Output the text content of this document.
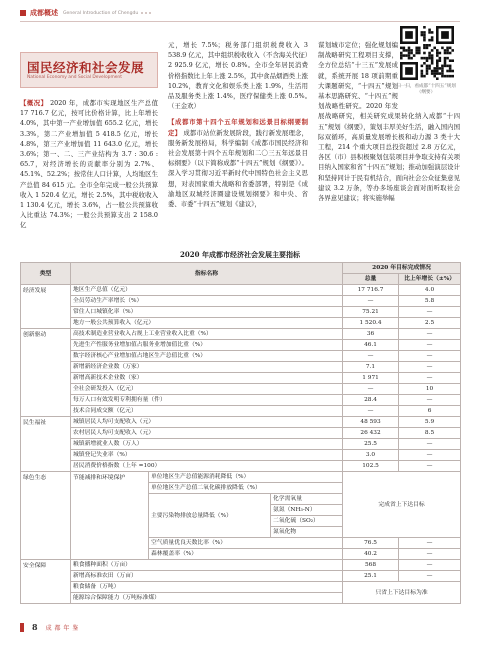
成都概述 General Introduction of Chengdu
国民经济和社会发展
National Economy and Social Development

【概况】 2020 年，成都市实现地区生产总值 17 716.7 亿元，按可比价格计算，比上年增长 4.0%，其中第一产业增加值 655.2 亿元，增长 3.3%，第二产业增加值 5 418.5 亿元，增长 4.8%，第三产业增加值 11 643.0 亿元，增长 3.6%；第一、二、三产业结构为 3.7 : 30.6 : 65.7，对经济增长的贡献率分别为 2.7%、45.1%、52.2%；按常住人口计算，人均地区生产总值 84 615 元。全市全年完成一般公共预算收入 1 520.4 亿元，增长 2.5%，其中税收收入 1 130.4 亿元，增长 3.6%，占一般公共预算收入比重达 74.3%；一般公共预算支出 2 158.0 亿

元，增长 7.5%；税务部门组织税费收入 3 538.9 亿元，其中组织税收收入（不含海关代征）2 925.9 亿元，增长 0.8%。全市全年居民消费价格指数比上年上涨 2.5%，其中食品烟酒类上涨 10.2%，教育文化和娱乐类上涨 1.9%，生活用品及服务类上涨 1.4%，医疗保健类上涨 0.5%。　（王金欢）

【成都市第十四个五年规划和远景目标纲要制定】 成都市站位新发展阶段，践行新发展理念，服务新发展格局，科学编制《成都市国民经济和社会发展第十四个五年规划和二〇三五年远景目标纲要》（以下简称成都“十四五”规划《纲要》）。深入学习贯彻习近平新时代中国特色社会主义思想，对表国家重大战略和省委部署，特别是《成渝地区双城经济圈建设规划纲要》和中央、省委、市委“十四五”规划《建议》，

谋划城市定位；强化规划编制战略研究工程项目支撑，全方位总结“十三五”发展成就，系统开展 18 项前期重大课题研究，“十四五”规划基本思路研究、“十四五”规划战略性研究。2020 年发展战略研究，相关研究成果转化纳入成都“十四五”规划《纲要》，策划丰厚美好生活，融入国内国际双循环，高质量发展增长极和动力源 3 类十大工程，214 个重大项目总投资超过 2.8 万亿元，各区（市）县积极聚划包装项目并争取支持有关项目纳入国家和省“十四五”规划；推动加强演层设计和坚持同计于民有机结合，面向社会公众征集意见建议 3.2 万条，等办多场座谈会面对面听取社会各界意见建议；将实施举幅

扫一扫，看成都“十四五”规划（纲要）
2020 年成都市经济社会发展主要指标
类型	指标名称			2020 年目标完成情况	
				总量	比上年增长（±%）
经济发展	地区生产总值（亿元）			17 716.7	4.0
	全员劳动生产率增长（%）			—	5.8
	常住人口城镇化率（%）			75.21	—
	地方一般公共预算收入（亿元）			1 520.4	2.5
创新驱动	高技术制造业营业收入占规上工业营业收入比重（%）			36	—
	先进生产性服务业增加值占服务业增加值比重（%）			46.1	—
	数字经济核心产业增加值占地区生产总值比重（%）			—	—
	新增新经济企业数（万家）			7.1	—
	新增高新技术企业数（家）			1 971	—
	全社会研发投入（亿元）			—	10
	每万人口有效发明专利拥有量（件）			28.4	—
	技术合同成交额（亿元）			—	6
民生福祉	城镇居民人均可支配收入（元）			48 593	5.9
	农村居民人均可支配收入（元）			26 432	8.5
	城镇新增就业人数（万人）			25.5	—
	城镇登记失业率（%）			3.0	—
	居民消费价格指数（上年 =100）			102.5	—
绿色生态	节能减排和环境保护	单位地区生产总值能源消耗降低（%）		完成省上下达目标	
		单位地区生产总值二氧化碳排放降低（%）			
		主要污染物排放总量降低（%）	化学需氧量		
			氨氮（NH₃-N）		
			二氧化硫（SO₂）		
			氮氧化物		
		空气质量优良天数比率（%）		76.5	—
		森林覆盖率（%）		40.2	—
安全保障	粮食播种面积（万亩）			568	—
	新增高标准农田（万亩）			25.1	—
	粮食储备（万吨）			只省上下达目标为准	
	能源综合保障能力（万吨标准煤）				
8 成 都 年 鉴
